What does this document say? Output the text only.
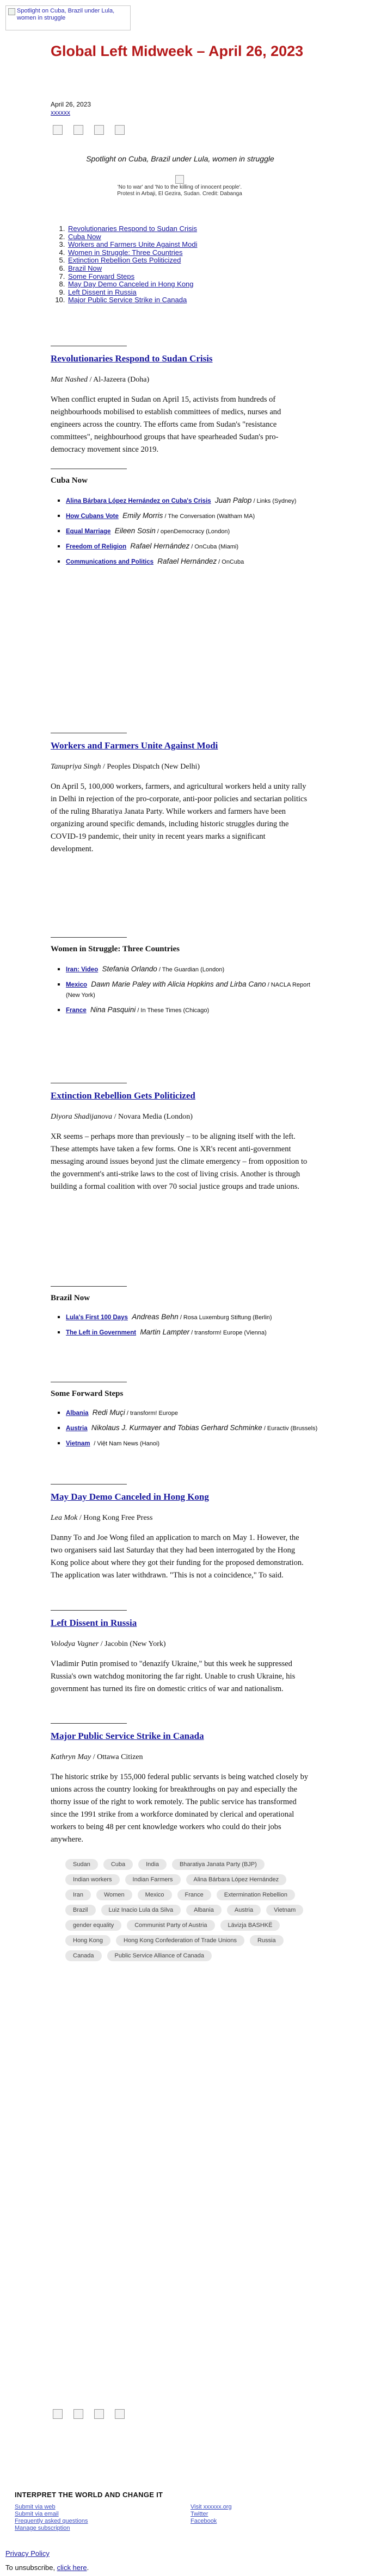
Spotlight on Cuba, Brazil under Lula, women in struggle
Global Left Midweek – April 26, 2023
April 26, 2023
xxxxxx

Spotlight on Cuba, Brazil under Lula, women in struggle

'No to war' and 'No to the killing of innocent people'.
Protest in Arbaji, El Gezira, Sudan. Credit: Dabanga
1. Revolutionaries Respond to Sudan Crisis
2. Cuba Now
3. Workers and Farmers Unite Against Modi
4. Women in Struggle: Three Countries
5. Extinction Rebellion Gets Politicized
6. Brazil Now
7. Some Forward Steps
8. May Day Demo Canceled in Hong Kong
9. Left Dissent in Russia
10. Major Public Service Strike in Canada
Revolutionaries Respond to Sudan Crisis
Mat Nashed / Al-Jazeera (Doha)

When conflict erupted in Sudan on April 15, activists from hundreds of neighbourhoods mobilised to establish committees of medics, nurses and engineers across the country. The efforts came from Sudan's "resistance committees", neighbourhood groups that have spearheaded Sudan's pro-democracy movement since 2019.

Cuba Now
▪ Alina Bárbara López Hernández on Cuba's Crisis Juan Palop / Links (Sydney)
▪ How Cubans Vote Emily Morris / The Conversation (Waltham MA)
▪ Equal Marriage Eileen Sosin / openDemocracy (London)
▪ Freedom of Religion Rafael Hernández / OnCuba (Miami)
▪ Communications and Politics Rafael Hernández / OnCuba
Workers and Farmers Unite Against Modi
Tanupriya Singh / Peoples Dispatch (New Delhi)

On April 5, 100,000 workers, farmers, and agricultural workers held a unity rally in Delhi in rejection of the pro-corporate, anti-poor policies and sectarian politics of the ruling Bharatiya Janata Party. While workers and farmers have been organizing around specific demands, including historic struggles during the COVID-19 pandemic, their unity in recent years marks a significant development.

Women in Struggle: Three Countries
▪ Iran: Video Stefania Orlando / The Guardian (London)
▪ Mexico Dawn Marie Paley with Alicia Hopkins and Lirba Cano / NACLA Report (New York)
▪ France Nina Pasquini / In These Times (Chicago)
Extinction Rebellion Gets Politicized
Diyora Shadijanova / Novara Media (London)

XR seems – perhaps more than previously – to be aligning itself with the left. These attempts have taken a few forms. One is XR's recent anti-government messaging around issues beyond just the climate emergency – from opposition to the government's anti-strike laws to the cost of living crisis. Another is through building a formal coalition with over 70 social justice groups and trade unions.

Brazil Now
▪ Lula's First 100 Days Andreas Behn / Rosa Luxemburg Stiftung (Berlin)
▪ The Left in Government Martin Lampter / transform! Europe (Vienna)
Some Forward Steps
▪ Albania Redi Muçi / transform! Europe
▪ Austria Nikolaus J. Kurmayer and Tobias Gerhard Schminke / Euractiv (Brussels)
▪ Vietnam  / Việt Nam News (Hanoi)
May Day Demo Canceled in Hong Kong
Lea Mok / Hong Kong Free Press

Danny To and Joe Wong filed an application to march on May 1. However, the two organisers said last Saturday that they had been interrogated by the Hong Kong police about where they got their funding for the proposed demonstration. The application was later withdrawn. "This is not a coincidence," To said.

Left Dissent in Russia
Volodya Vagner / Jacobin (New York)

Vladimir Putin promised to "denazify Ukraine," but this week he suppressed Russia's own watchdog monitoring the far right. Unable to crush Ukraine, his government has turned its fire on domestic critics of war and nationalism.

Major Public Service Strike in Canada
Kathryn May / Ottawa Citizen

The historic strike by 155,000 federal public servants is being watched closely by unions across the country looking for breakthroughs on pay and especially the thorny issue of the right to work remotely. The public service has transformed since the 1991 strike from a workforce dominated by clerical and operational workers to being 48 per cent knowledge workers who could do their jobs anywhere.

Sudan	Cuba	India	Bharatiya Janata Party (BJP)
Indian workers	Indian Farmers	Alina Bárbara López Hernández
Iran	Women	Mexico	France	Extermination Rebellion
Brazil	Luiz Inacio Lula da Silva	Albania	Austria	Vietnam
gender equality	Communist Party of Austria	Lävizja BASHKË
Hong Kong	Hong Kong Confederation of Trade Unions	Russia
Canada	Public Service Alliance of Canada
INTERPRET THE WORLD AND CHANGE IT
Submit via web
Submit via email
Frequently asked questions
Manage subscription
Visit xxxxxx.org
Twitter
Facebook
Privacy Policy
To unsubscribe, click here.
